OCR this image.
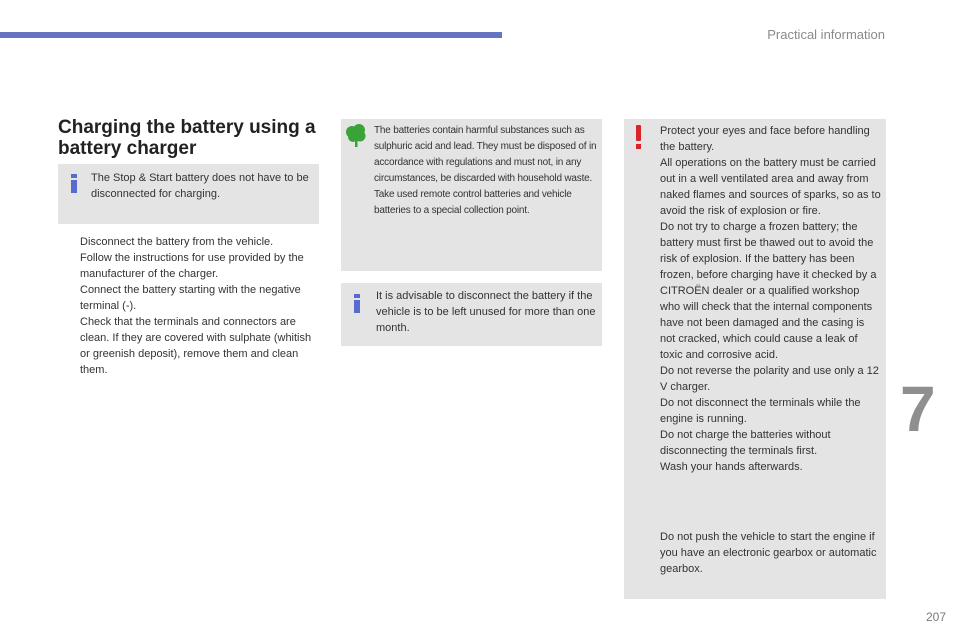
Practical information
Charging the battery using a battery charger
The Stop & Start battery does not have to be disconnected for charging.
Disconnect the battery from the vehicle.
Follow the instructions for use provided by the manufacturer of the charger.
Connect the battery starting with the negative terminal (-).
Check that the terminals and connectors are clean. If they are covered with sulphate (whitish or greenish deposit), remove them and clean them.
The batteries contain harmful substances such as sulphuric acid and lead. They must be disposed of in accordance with regulations and must not, in any circumstances, be discarded with household waste.
Take used remote control batteries and vehicle batteries to a special collection point.
It is advisable to disconnect the battery if the vehicle is to be left unused for more than one month.
Protect your eyes and face before handling the battery.
All operations on the battery must be carried out in a well ventilated area and away from naked flames and sources of sparks, so as to avoid the risk of explosion or fire.
Do not try to charge a frozen battery; the battery must first be thawed out to avoid the risk of explosion. If the battery has been frozen, before charging have it checked by a CITROËN dealer or a qualified workshop who will check that the internal components have not been damaged and the casing is not cracked, which could cause a leak of toxic and corrosive acid.
Do not reverse the polarity and use only a 12 V charger.
Do not disconnect the terminals while the engine is running.
Do not charge the batteries without disconnecting the terminals first.
Wash your hands afterwards.
Do not push the vehicle to start the engine if you have an electronic gearbox or automatic gearbox.
7
207
